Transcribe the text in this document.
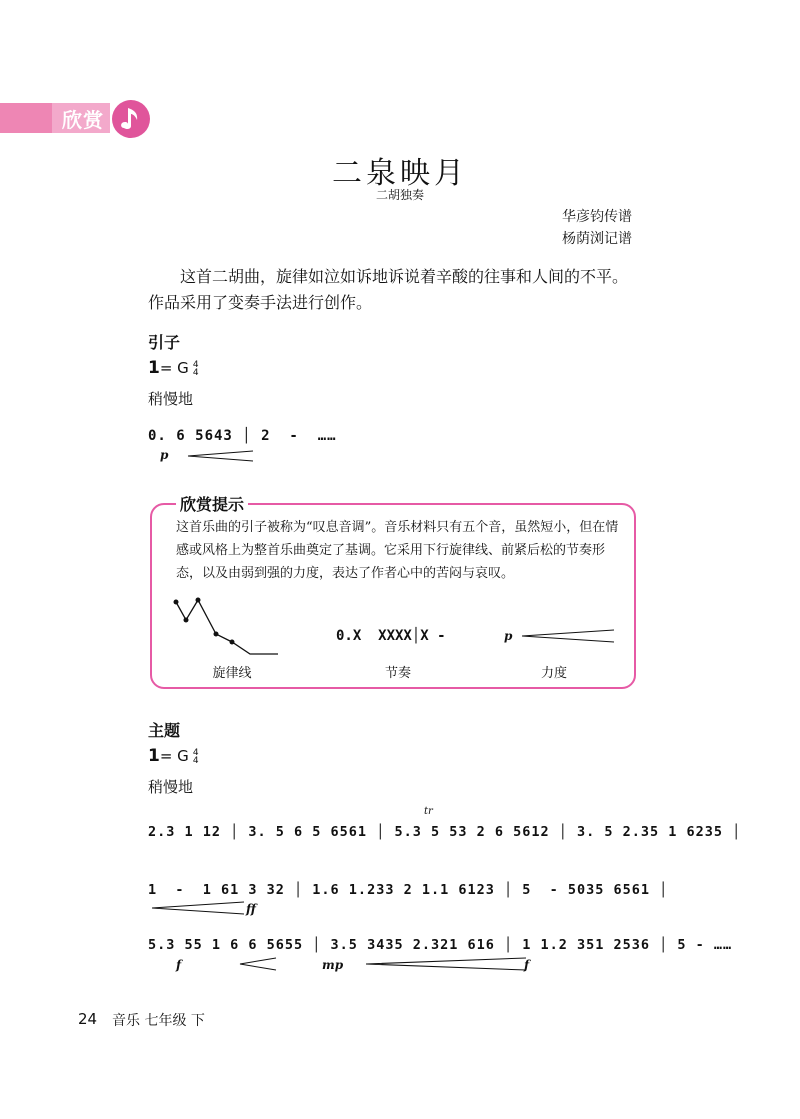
欣赏
二泉映月
二胡独奏
华彦钧传谱
杨荫浏记谱
这首二胡曲，旋律如泣如诉地诉说着辛酸的往事和人间的不平。
作品采用了变奏手法进行创作。
引子
1= G 4
4
稍慢地
0. 6 5643 │ 2  -  ……
p
欣赏提示
这首乐曲的引子被称为“叹息音调”。音乐材料只有五个音，虽然短小，但在情感或风格上为整首乐曲奠定了基调。它采用下行旋律线、前紧后松的节奏形态，以及由弱到强的力度，表达了作者心中的苦闷与哀叹。
旋律线
0.X  XXXX│X -
节奏
p
力度
主题
1= G 4
4
稍慢地
tr
2.3 1 12 │ 3. 5 6 5 6561 │ 5.3 5 53 2 6 5612 │ 3. 5 2.35 1 6235 │
1  -  1 61 3 32 │ 1.6 1.233 2 1.1 6123 │ 5  - 5035 6561 │
ff
5.3 55 1 6 6 5655 │ 3.5 3435 2.321 616 │ 1 1.2 351 2536 │ 5 - ……
f	mp	f
24 音乐 七年级 下
